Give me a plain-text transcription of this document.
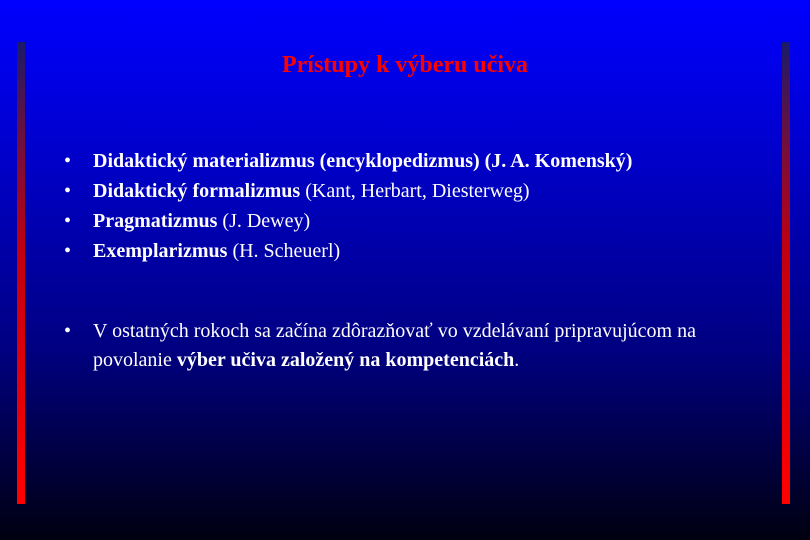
Prístupy k výberu učiva
• Didaktický materializmus (encyklopedizmus) (J. A. Komenský)
• Didaktický formalizmus (Kant, Herbart, Diesterweg)
• Pragmatizmus (J. Dewey)
• Exemplarizmus (H. Scheuerl)
•	V ostatných rokoch sa začína zdôrazňovať vo vzdelávaní pripravujúcom na povolanie výber učiva založený na kompetenciách.
